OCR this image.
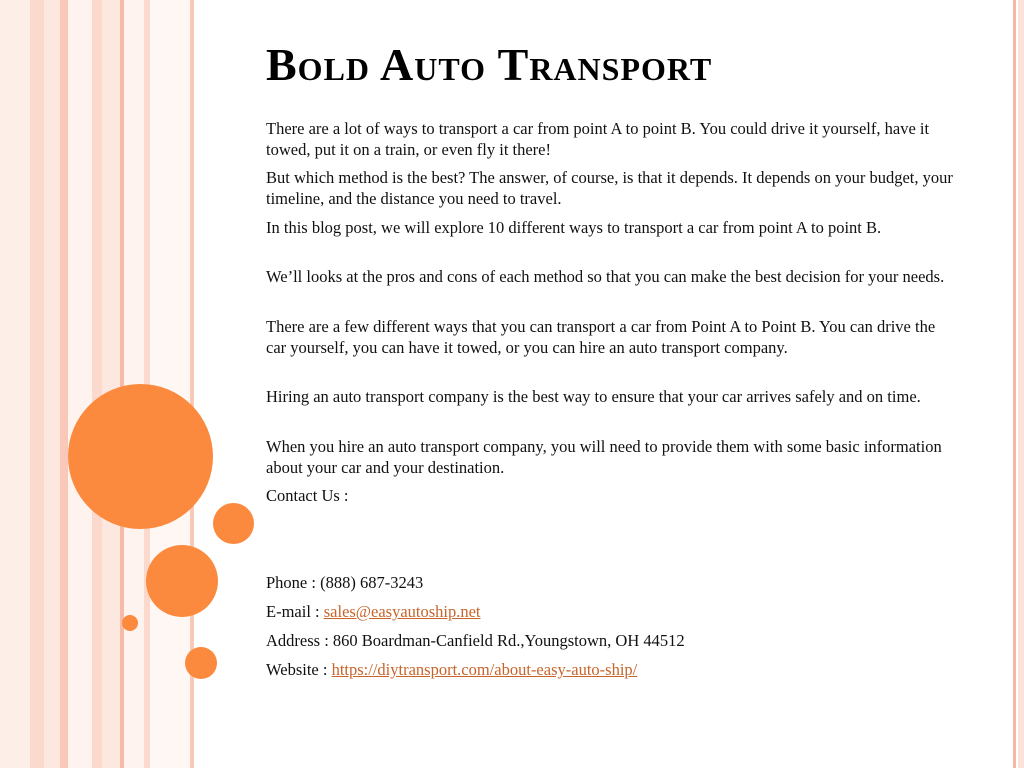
Bold Auto Transport

There are a lot of ways to transport a car from point A to point B. You could drive it yourself, have it towed, put it on a train, or even fly it there!

But which method is the best? The answer, of course, is that it depends. It depends on your budget, your timeline, and the distance you need to travel.

In this blog post, we will explore 10 different ways to transport a car from point A to point B.

We’ll looks at the pros and cons of each method so that you can make the best decision for your needs.

There are a few different ways that you can transport a car from Point A to Point B. You can drive the car yourself, you can have it towed, or you can hire an auto transport company.

Hiring an auto transport company is the best way to ensure that your car arrives safely and on time.

When you hire an auto transport company, you will need to provide them with some basic information about your car and your destination.

Contact Us :

Phone : (888) 687-3243

E-mail : sales@easyautoship.net

Address : 860 Boardman-Canfield Rd.,Youngstown, OH 44512

Website : https://diytransport.com/about-easy-auto-ship/
